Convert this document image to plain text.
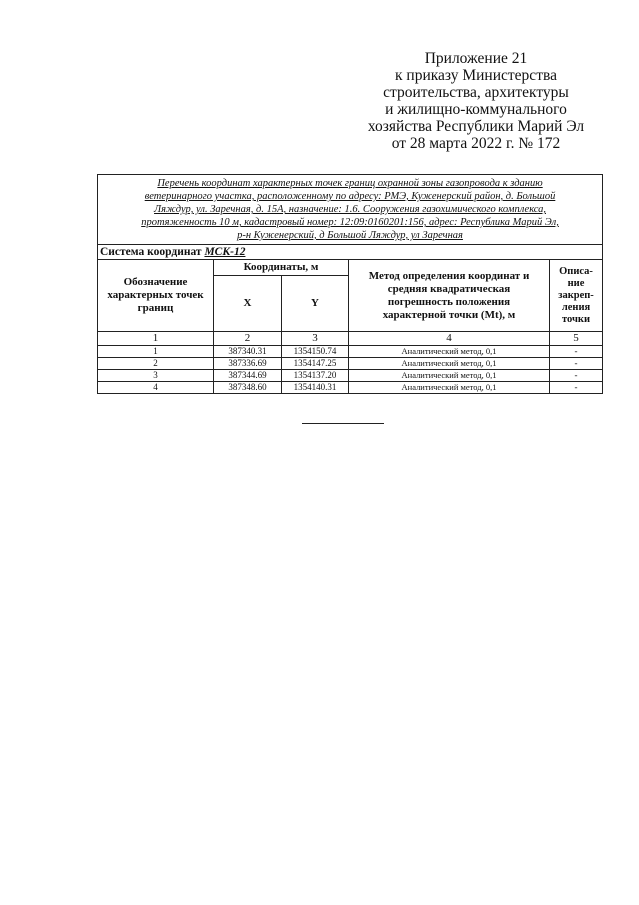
Приложение 21
к приказу Министерства
строительства, архитектуры
и жилищно-коммунального
хозяйства Республики Марий Эл
от 28 марта 2022 г. № 172
Перечень координат характерных точек границ охранной зоны газопровода к зданию
ветеринарного участка, расположенному по адресу: РМЭ, Куженерский район, д. Большой
Ляждур, ул. Заречная, д. 15А, назначение: 1.6. Сооружения газохимического комплекса,
протяженность 10 м, кадастровый номер: 12:09:0160201:156, адрес: Республика Марий Эл,
р-н Куженерский, д Большой Ляждур, ул Заречная				

Система координат МСК-12				
Обозначение характерных точек границ	Координаты, м		Метод определения координат и средняя квадратическая погрешность положения характерной точки (Mt), м	Описа-ние закреп-ления точки
	X	Y		
1	2	3	4	5
1	387340.31	1354150.74	Аналитический метод, 0,1	-
2	387336.69	1354147.25	Аналитический метод, 0,1	-
3	387344.69	1354137.20	Аналитический метод, 0,1	-
4	387348.60	1354140.31	Аналитический метод, 0,1	-
